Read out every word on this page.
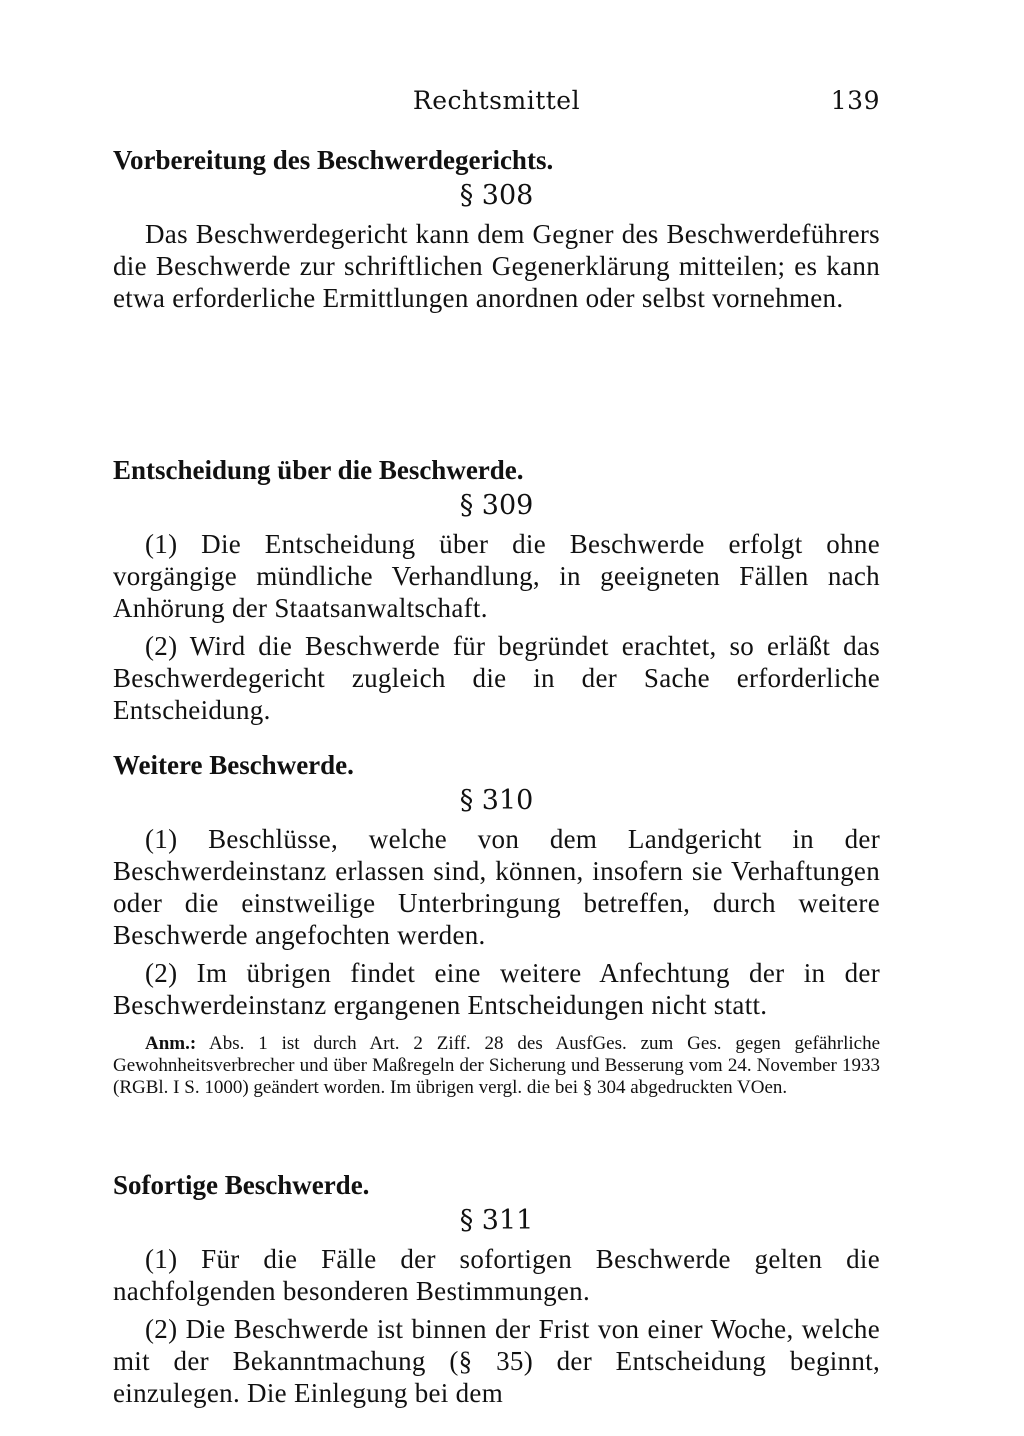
Rechtsmittel	139

Vorbereitung des Beschwerdegerichts.

§ 308

Das Beschwerdegericht kann dem Gegner des Beschwerdeführers die Beschwerde zur schriftlichen Gegenerklärung mitteilen; es kann etwa erforderliche Ermittlungen anordnen oder selbst vornehmen.

Entscheidung über die Beschwerde.

§ 309

(1) Die Entscheidung über die Beschwerde erfolgt ohne vorgängige mündliche Verhandlung, in geeigneten Fällen nach Anhörung der Staatsanwaltschaft.

(2) Wird die Beschwerde für begründet erachtet, so erläßt das Beschwerdegericht zugleich die in der Sache erforderliche Entscheidung.

Weitere Beschwerde.

§ 310

(1) Beschlüsse, welche von dem Landgericht in der Beschwerdeinstanz erlassen sind, können, insofern sie Verhaftungen oder die einstweilige Unterbringung betreffen, durch weitere Beschwerde angefochten werden.

(2) Im übrigen findet eine weitere Anfechtung der in der Beschwerdeinstanz ergangenen Entscheidungen nicht statt.

Anm.: Abs. 1 ist durch Art. 2 Ziff. 28 des AusfGes. zum Ges. gegen gefährliche Gewohnheitsverbrecher und über Maßregeln der Sicherung und Besserung vom 24. November 1933 (RGBl. I S. 1000) geändert worden. Im übrigen vergl. die bei § 304 abgedruckten VOen.

Sofortige Beschwerde.

§ 311

(1) Für die Fälle der sofortigen Beschwerde gelten die nachfolgenden besonderen Bestimmungen.

(2) Die Beschwerde ist binnen der Frist von einer Woche, welche mit der Bekanntmachung (§ 35) der Entscheidung beginnt, einzulegen. Die Einlegung bei dem
